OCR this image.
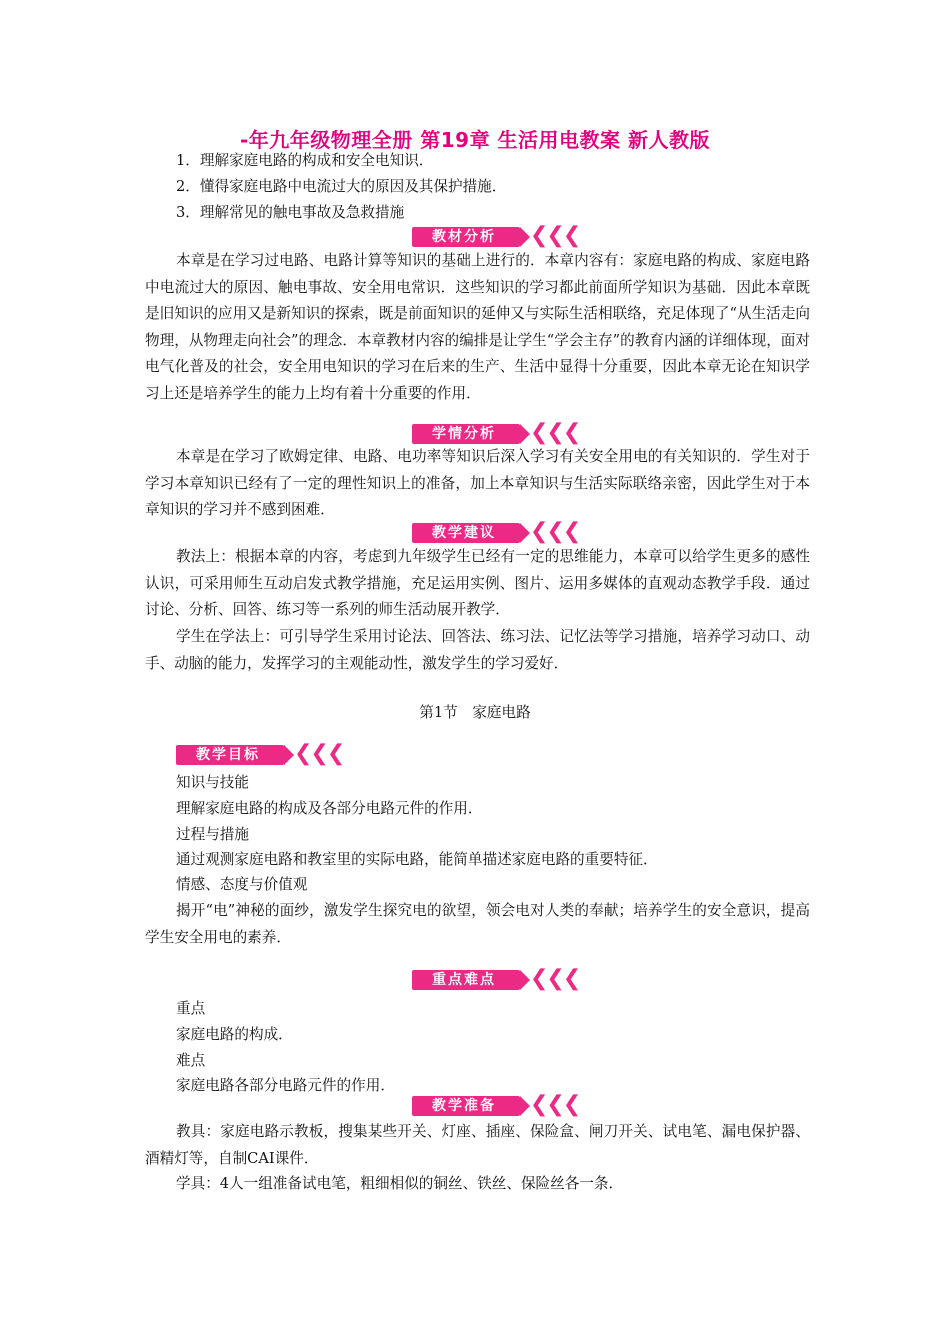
-年九年级物理全册 第19章 生活用电教案 新人教版
1．理解家庭电路的构成和安全电知识．
2．懂得家庭电路中电流过大的原因及其保护措施．
3．理解常见的触电事故及急救措施
教材分析	❮❮❮
本章是在学习过电路、电路计算等知识的基础上进行的．本章内容有：家庭电路的构成、家庭电路中电流过大的原因、触电事故、安全用电常识．这些知识的学习都此前面所学知识为基础．因此本章既是旧知识的应用又是新知识的探索，既是前面知识的延伸又与实际生活相联络，充足体现了“从生活走向物理，从物理走向社会”的理念．本章教材内容的编排是让学生“学会主存”的教育内涵的详细体现，面对电气化普及的社会，安全用电知识的学习在后来的生产、生活中显得十分重要，因此本章无论在知识学习上还是培养学生的能力上均有着十分重要的作用．
学情分析	❮❮❮
本章是在学习了欧姆定律、电路、电功率等知识后深入学习有关安全用电的有关知识的．学生对于学习本章知识已经有了一定的理性知识上的准备，加上本章知识与生活实际联络亲密，因此学生对于本章知识的学习并不感到困难．
教学建议	❮❮❮
教法上：根据本章的内容，考虑到九年级学生已经有一定的思维能力，本章可以给学生更多的感性认识，可采用师生互动启发式教学措施，充足运用实例、图片、运用多媒体的直观动态教学手段．通过讨论、分析、回答、练习等一系列的师生活动展开教学．
学生在学法上：可引导学生采用讨论法、回答法、练习法、记忆法等学习措施，培养学习动口、动手、动脑的能力，发挥学习的主观能动性，激发学生的学习爱好．
第1节　家庭电路
教学目标	❮❮❮
知识与技能
理解家庭电路的构成及各部分电路元件的作用．
过程与措施
通过观测家庭电路和教室里的实际电路，能简单描述家庭电路的重要特征．
情感、态度与价值观
揭开“电”神秘的面纱，激发学生探究电的欲望，领会电对人类的奉献；培养学生的安全意识，提高学生安全用电的素养．
重点难点	❮❮❮
重点
家庭电路的构成．
难点
家庭电路各部分电路元件的作用．
教学准备	❮❮❮
教具：家庭电路示教板，搜集某些开关、灯座、插座、保险盒、闸刀开关、试电笔、漏电保护器、酒精灯等，自制CAI课件．
学具：4人一组准备试电笔，粗细相似的铜丝、铁丝、保险丝各一条．
